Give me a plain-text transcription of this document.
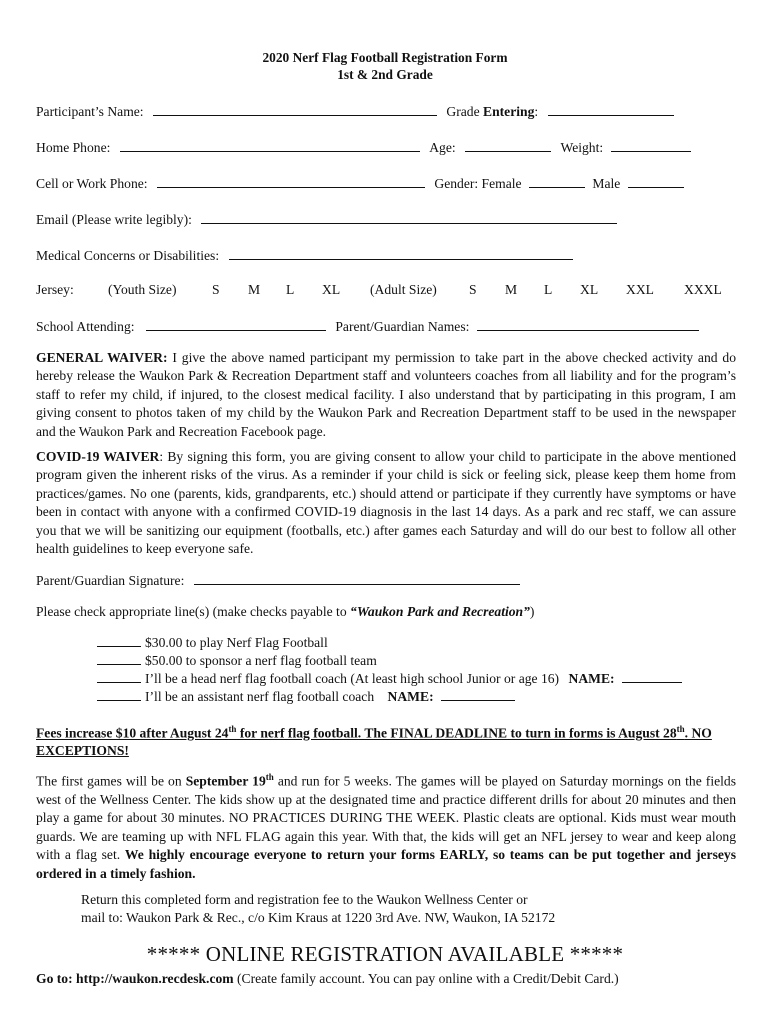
2020 Nerf Flag Football Registration Form
1st & 2nd Grade
Participant’s Name:	Grade Entering:
Home Phone:	Age:	Weight:
Cell or Work Phone:	Gender: Female	Male
Email (Please write legibly):
Medical Concerns or Disabilities:
Jersey:	(Youth Size)	S M L XL (Adult Size) S M L XL XXL XXXL
School Attending:	Parent/Guardian Names:
GENERAL WAIVER: I give the above named participant my permission to take part in the above checked activity and do hereby release the Waukon Park & Recreation Department staff and volunteers coaches from all liability and for the program’s staff to refer my child, if injured, to the closest medical facility. I also understand that by participating in this program, I am giving consent to photos taken of my child by the Waukon Park and Recreation Department staff to be used in the newspaper and the Waukon Park and Recreation Facebook page.
COVID-19 WAIVER: By signing this form, you are giving consent to allow your child to participate in the above mentioned program given the inherent risks of the virus. As a reminder if your child is sick or feeling sick, please keep them home from practices/games. No one (parents, kids, grandparents, etc.) should attend or participate if they currently have symptoms or have been in contact with anyone with a confirmed COVID-19 diagnosis in the last 14 days. As a park and rec staff, we can assure you that we will be sanitizing our equipment (footballs, etc.) after games each Saturday and will do our best to follow all other health guidelines to keep everyone safe.
Parent/Guardian Signature:
Please check appropriate line(s) (make checks payable to “Waukon Park and Recreation”)
$30.00 to play Nerf Flag Football
$50.00 to sponsor a nerf flag football team
I’ll be a head nerf flag football coach (At least high school Junior or age 16) NAME:
I’ll be an assistant nerf flag football coach NAME:
Fees increase $10 after August 24th for nerf flag football. The FINAL DEADLINE to turn in forms is August 28th. NO EXCEPTIONS!
The first games will be on September 19th and run for 5 weeks. The games will be played on Saturday mornings on the fields west of the Wellness Center. The kids show up at the designated time and practice different drills for about 20 minutes and then play a game for about 30 minutes. NO PRACTICES DURING THE WEEK. Plastic cleats are optional. Kids must wear mouth guards. We are teaming up with NFL FLAG again this year. With that, the kids will get an NFL jersey to wear and keep along with a flag set. We highly encourage everyone to return your forms EARLY, so teams can be put together and jerseys ordered in a timely fashion.
Return this completed form and registration fee to the Waukon Wellness Center or
mail to: Waukon Park & Rec., c/o Kim Kraus at 1220 3rd Ave. NW, Waukon, IA 52172
***** ONLINE REGISTRATION AVAILABLE *****
Go to: http://waukon.recdesk.com (Create family account. You can pay online with a Credit/Debit Card.)
